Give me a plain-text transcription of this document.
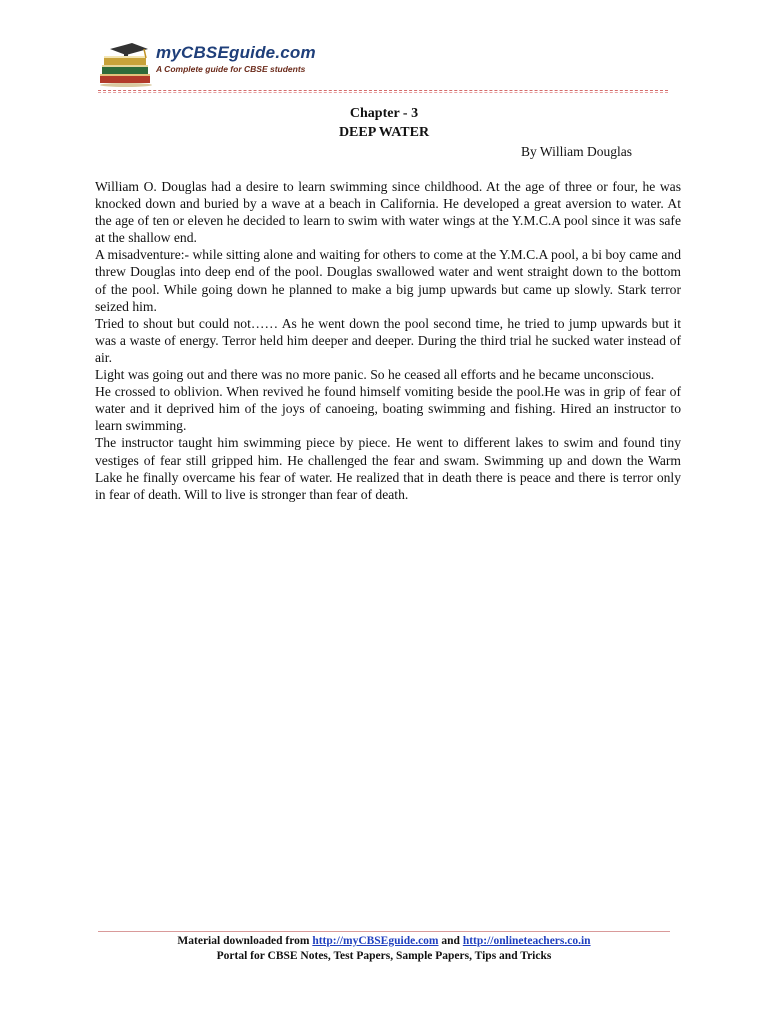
myCBSEguide.com
A Complete guide for CBSE students
Chapter - 3
DEEP WATER
By William Douglas

William O. Douglas had a desire to learn swimming since childhood. At the age of three or four, he was knocked down and buried by a wave at a beach in California. He developed a great aversion to water. At the age of ten or eleven he decided to learn to swim with water wings at the Y.M.C.A pool since it was safe at the shallow end.

A misadventure:- while sitting alone and waiting for others to come at the Y.M.C.A pool, a bi boy came and threw Douglas into deep end of the pool. Douglas swallowed water and went straight down to the bottom of the pool. While going down he planned to make a big jump upwards but came up slowly. Stark terror seized him.

Tried to shout but could not…… As he went down the pool second time, he tried to jump upwards but it was a waste of energy. Terror held him deeper and deeper. During the third trial he sucked water instead of air.

Light was going out and there was no more panic. So he ceased all efforts and he became unconscious.

He crossed to oblivion. When revived he found himself vomiting beside the pool.He was in grip of fear of water and it deprived him of the joys of canoeing, boating swimming and fishing. Hired an instructor to learn swimming.

The instructor taught him swimming piece by piece. He went to different lakes to swim and found tiny vestiges of fear still gripped him. He challenged the fear and swam. Swimming up and down the Warm Lake he finally overcame his fear of water. He realized that in death there is peace and there is terror only in fear of death. Will to live is stronger than fear of death.

Material downloaded from http://myCBSEguide.com and http://onlineteachers.co.in
Portal for CBSE Notes, Test Papers, Sample Papers, Tips and Tricks
